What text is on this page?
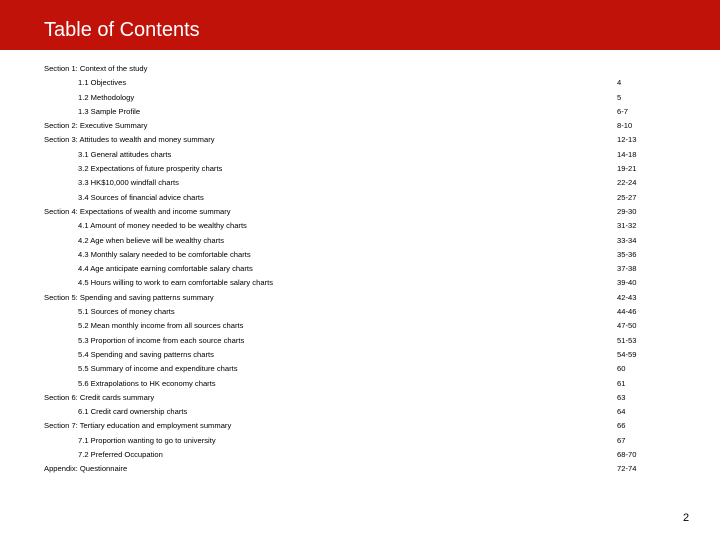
Table of Contents
Section 1: Context of the study
1.1 Objectives	4
1.2 Methodology	5
1.3 Sample Profile	6-7
Section 2: Executive Summary	8-10
Section 3: Attitudes to wealth and money summary	12-13
3.1 General attitudes charts	14-18
3.2 Expectations of future prosperity charts	19-21
3.3 HK$10,000 windfall charts	22-24
3.4 Sources of financial advice charts	25-27
Section 4: Expectations of wealth and income summary	29-30
4.1 Amount of money needed to be wealthy charts	31-32
4.2 Age when believe will be wealthy charts	33-34
4.3 Monthly salary needed to be comfortable charts	35-36
4.4 Age anticipate earning comfortable salary charts	37-38
4.5 Hours willing to work to earn comfortable salary charts	39-40
Section 5: Spending and saving patterns summary	42-43
5.1 Sources of money charts	44-46
5.2 Mean monthly income from all sources charts	47-50
5.3 Proportion of income from each source charts	51-53
5.4 Spending and saving patterns charts	54-59
5.5 Summary of income and expenditure charts	60
5.6 Extrapolations to HK economy charts	61
Section 6: Credit cards summary	63
6.1 Credit card ownership charts	64
Section 7: Tertiary education and employment summary	66
7.1 Proportion wanting to go to university	67
7.2 Preferred Occupation	68-70
Appendix: Questionnaire	72-74
2
